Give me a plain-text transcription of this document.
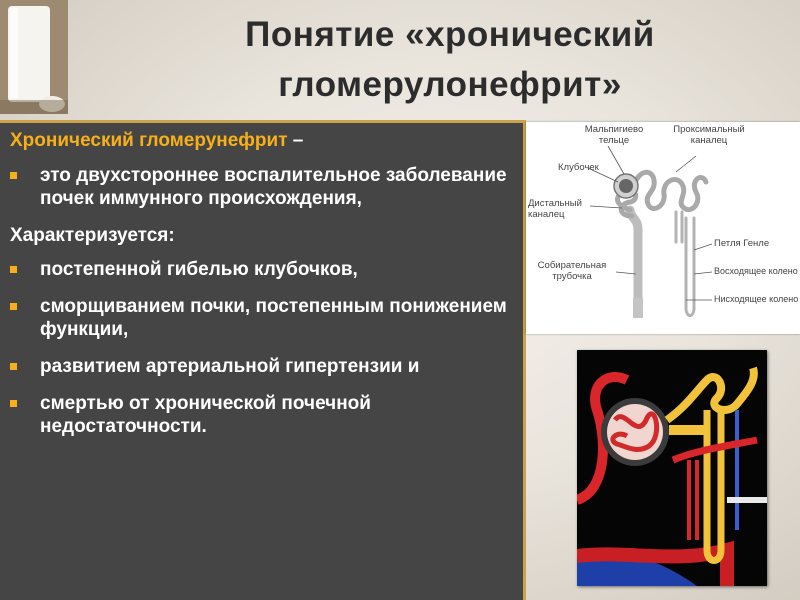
Понятие «хронический
гломерулонефрит»
Хронический гломерунефрит –
это двухстороннее воспалительное заболевание почек иммунного происхождения,
Характеризуется:
постепенной гибелью клубочков,
сморщиванием почки, постепенным понижением функции,
развитием артериальной гипертензии и
смертью от хронической почечной недостаточности.
Мальпигиево тельце
Проксимальный каналец
Клубочек
Дистальный каналец
Петля Генле
Собирательная трубочка	Восходящее колено
Нисходящее колено
